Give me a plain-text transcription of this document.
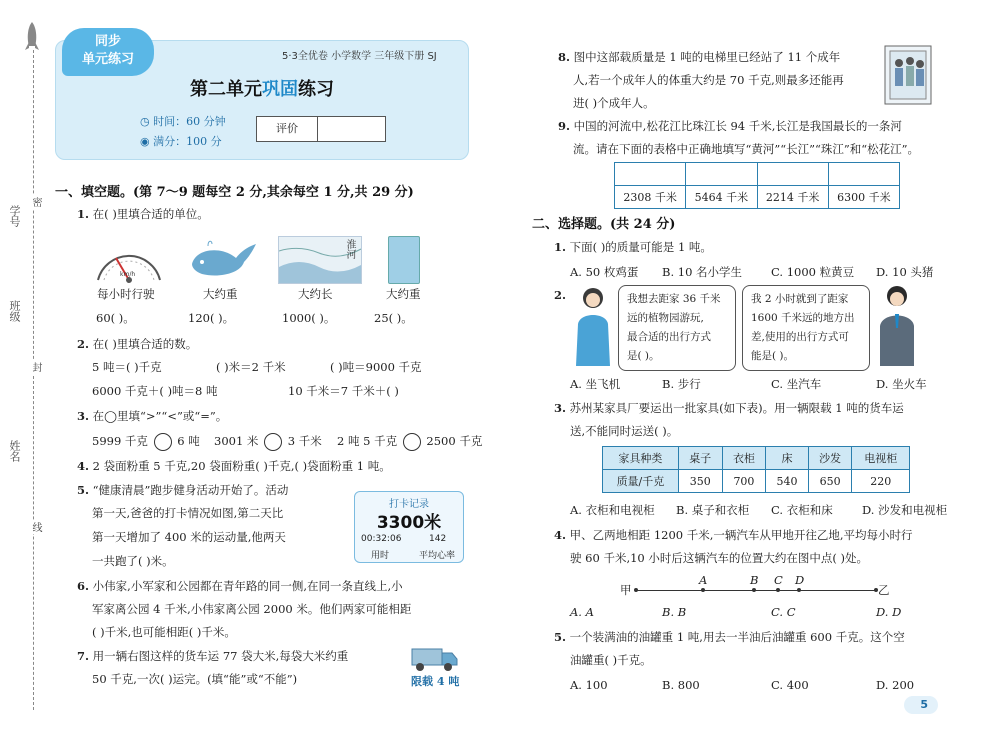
学号
班级
姓名
密
封
线
第二单元巩固练习
同步
单元练习	5·3全优卷 小学数学 三年级下册 SJ
◷ 时间：60 分钟
◉ 满分：100 分
评价
一、填空题。(第 7～9 题每空 2 分,其余每空 1 分,共 29 分)
1. 在( )里填合适的单位。
km/h
淮河
每小时行驶	大约重	大约长	大约重
60( )。	120( )。	1000( )。	25( )。
2. 在( )里填合适的数。
5 吨＝( )千克	( )米＝2 千米	( )吨＝9000 千克
6000 千克＋( )吨＝8 吨	10 千米＝7 千米＋( )
3. 在◯里填“>”“<”或“=”。
5999 千克	6 吨 3001 米	3 千米 2 吨 5 千克	2500 千克
4. 2 袋面粉重 5 千克,20 袋面粉重( )千克,( )袋面粉重 1 吨。
5. “健康清晨”跑步健身活动开始了。活动
第一天,爸爸的打卡情况如图,第二天比
第一天增加了 400 米的运动量,他两天
一共跑了( )米。
打卡记录
3300米
00:32:06	142
用时	平均心率
6. 小伟家,小军家和公园都在青年路的同一侧,在同一条直线上,小
军家离公园 4 千米,小伟家离公园 2000 米。他们两家可能相距
( )千米,也可能相距( )千米。
7. 用一辆右图这样的货车运 77 袋大米,每袋大米约重
50 千克,一次( )运完。(填“能”或“不能”)	限载 4 吨
8. 图中这部载质量是 1 吨的电梯里已经站了 11 个成年
人,若一个成年人的体重大约是 70 千克,则最多还能再
进( )个成年人。
9. 中国的河流中,松花江比珠江长 94 千米,长江是我国最长的一条河
流。请在下面的表格中正确地填写“黄河”“长江”“珠江”和“松花江”。

2308 千米	5464 千米	2214 千米	6300 千米
二、选择题。(共 24 分)
1. 下面( )的质量可能是 1 吨。
A. 50 枚鸡蛋 B. 10 名小学生	C. 1000 粒黄豆 D. 10 头猪
2.	我想去距家 36 千米
远的植物园游玩,
最合适的出行方式
是( )。
我 2 小时就到了距家
1600 千米远的地方出
差,使用的出行方式可
能是( )。
A. 坐飞机	B. 步行	C. 坐汽车	D. 坐火车
3. 苏州某家具厂要运出一批家具(如下表)。用一辆限载 1 吨的货车运
送,不能同时运送( )。
家具种类	桌子	衣柜	床	沙发	电视柜
质量/千克	350	700	540	650	220
A. 衣柜和电视柜 B. 桌子和衣柜 C. 衣柜和床	D. 沙发和电视柜
4. 甲、乙两地相距 1200 千米,一辆汽车从甲地开往乙地,平均每小时行
驶 60 千米,10 小时后这辆汽车的位置大约在图中点( )处。
甲	乙
A	B C D
A. A	B. B	C. C	D. D
5. 一个装满油的油罐重 1 吨,用去一半油后油罐重 600 千克。这个空
油罐重( )千克。
A. 100	B. 800	C. 400	D. 200
5
